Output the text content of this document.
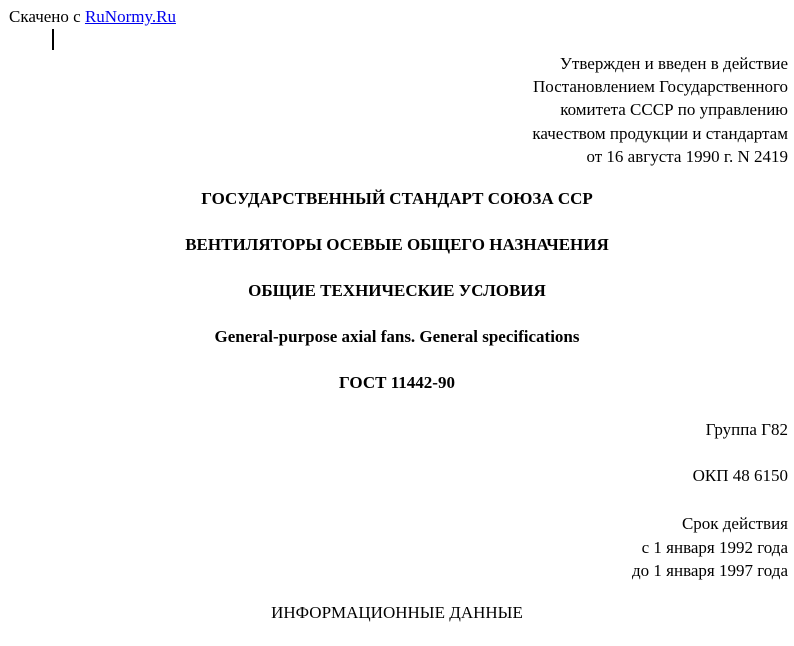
Скачено с RuNormy.Ru
Утвержден и введен в действие
Постановлением Государственного
комитета СССР по управлению
качеством продукции и стандартам
от 16 августа 1990 г. N 2419
ГОСУДАРСТВЕННЫЙ СТАНДАРТ СОЮЗА ССР
ВЕНТИЛЯТОРЫ ОСЕВЫЕ ОБЩЕГО НАЗНАЧЕНИЯ
ОБЩИЕ ТЕХНИЧЕСКИЕ УСЛОВИЯ
General-purpose axial fans. General specifications
ГОСТ 11442-90
Группа Г82
ОКП 48 6150
Срок действия
с 1 января 1992 года
до 1 января 1997 года
ИНФОРМАЦИОННЫЕ ДАННЫЕ
